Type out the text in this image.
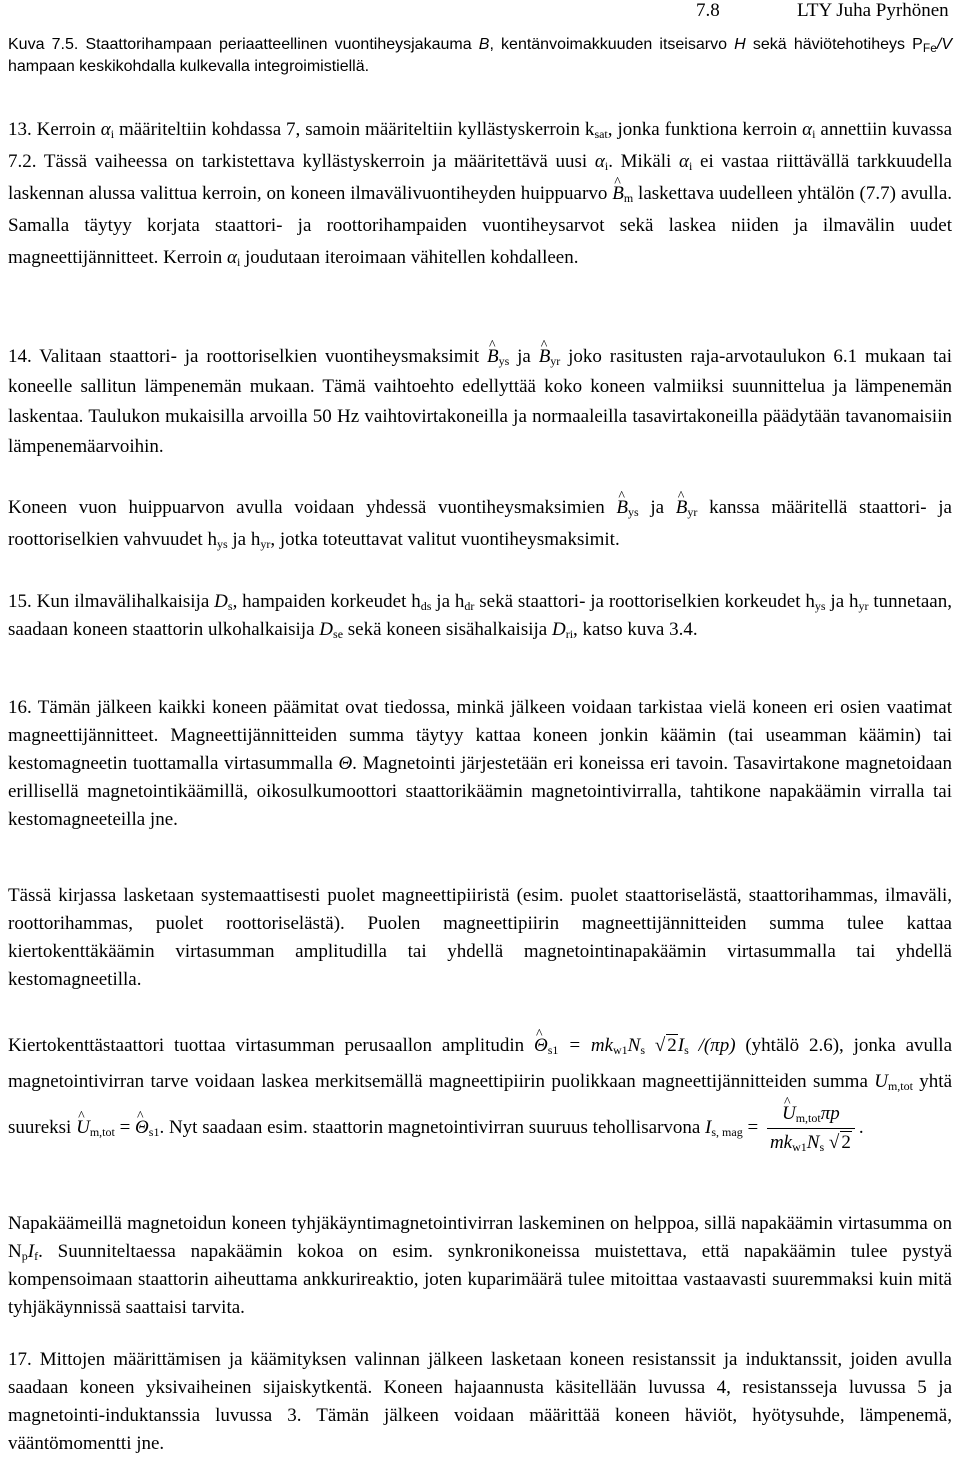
7.8	LTY Juha Pyrhönen

Kuva 7.5. Staattorihampaan periaatteellinen vuontiheysjakauma B, kentänvoimakkuuden itseisarvo H sekä häviötehotiheys $P_{Fe}/V$ hampaan keskikohdalla kulkevalla integroimistiellä.

13. Kerroin $\alpha_i$ määriteltiin kohdassa 7, samoin määriteltiin kyllästyskerroin $k_{sat}$, jonka funktiona kerroin $\alpha_i$ annettiin kuvassa 7.2. Tässä vaiheessa on tarkistettava kyllästyskerroin ja määritettävä uusi $\alpha_i$. Mikäli $\alpha_i$ ei vastaa riittävällä tarkkuudella laskennan alussa valittua kerroin, on koneen ilmavälivuontiheyden huippuarvo ^ $B_m$ laskettava uudelleen yhtälön (7.7) avulla. Samalla täytyy korjata staattori- ja roottorihampaiden vuontiheysarvot sekä laskea niiden ja ilmavälin uudet magneettijännitteet. Kerroin $\alpha_i$ joudutaan iteroimaan vähitellen kohdalleen.

14. Valitaan staattori- ja roottoriselkien vuontiheysmaksimit ^ $B_{ys}$ ja ^ $B_{yr}$ joko rasitusten raja-arvotaulukon 6.1 mukaan tai koneelle sallitun lämpenemän mukaan. Tämä vaihtoehto edellyttää koko koneen valmiiksi suunnittelua ja lämpenemän laskentaa. Taulukon mukaisilla arvoilla 50 Hz vaihtovirtakoneilla ja normaaleilla tasavirtakoneilla päädytään tavanomaisiin lämpenemäarvoihin.

Koneen vuon huippuarvon avulla voidaan yhdessä vuontiheysmaksimien ^ $B_{ys}$ ja ^ $B_{yr}$ kanssa määritellä staattori- ja roottoriselkien vahvuudet $h_{ys}$ ja $h_{yr}$, jotka toteuttavat valitut vuontiheysmaksimit.

15. Kun ilmavälihalkaisija $D_s$, hampaiden korkeudet $h_{ds}$ ja $h_{dr}$ sekä staattori- ja roottoriselkien korkeudet $h_{ys}$ ja $h_{yr}$ tunnetaan, saadaan koneen staattorin ulkohalkaisija $D_{se}$ sekä koneen sisähalkaisija $D_{ri}$, katso kuva 3.4.

16. Tämän jälkeen kaikki koneen päämitat ovat tiedossa, minkä jälkeen voidaan tarkistaa vielä koneen eri osien vaatimat magneettijännitteet. Magneettijännitteiden summa täytyy kattaa koneen jonkin käämin (tai useamman käämin) tai kestomagneetin tuottamalla virtasummalla Θ. Magnetointi järjestetään eri koneissa eri tavoin. Tasavirtakone magnetoidaan erillisellä magnetointikäämillä, oikosulkumoottori staattorikäämin magnetointivirralla, tahtikone napakäämin virralla tai kestomagneeteilla jne.

Tässä kirjassa lasketaan systemaattisesti puolet magneettipiiristä (esim. puolet staattoriselästä, staattorihammas, ilmaväli, roottorihammas, puolet roottoriselästä). Puolen magneettipiirin magneettijännitteiden summa tulee kattaa kiertokenttäkäämin virtasumman amplitudilla tai yhdellä magnetointinapakäämin virtasummalla tai yhdellä kestomagneetilla.

Kiertokenttästaattori tuottaa virtasumman perusaallon amplitudin ^ $\Theta_{s1} = mk_{w1}N_s$ √ $2I_s$ /(πp) (yhtälö 2.6), jonka avulla magnetointivirran tarve voidaan laskea merkitsemällä magneettipiirin puolikkaan magneettijännitteiden summa $U_{m,tot}$ yhtä suureksi ^ $U_{m,tot}$ = ^ $\Theta_{s1}$. Nyt saadaan esim. staattorin magnetointivirran suuruus tehollisarvona $I_{s, mag}$ =
^ $\frac{U_{m,tot}\pi p}{mk_{w1}N_s √ 2}$ .

Napakäämeillä magnetoidun koneen tyhjäkäyntimagnetointivirran laskeminen on helppoa, sillä napakäämin virtasumma on $N_pI_f$. Suunniteltaessa napakäämin kokoa on esim. synkronikoneissa muistettava, että napakäämin tulee pystyä kompensoimaan staattorin aiheuttama ankkurireaktio, joten kuparimäärä tulee mitoittaa vastaavasti suuremmaksi kuin mitä tyhjäkäynnissä saattaisi tarvita.

17. Mittojen määrittämisen ja käämityksen valinnan jälkeen lasketaan koneen resistanssit ja induktanssit, joiden avulla saadaan koneen yksivaiheinen sijaiskytkentä. Koneen hajaannusta käsitellään luvussa 4, resistansseja luvussa 5 ja magnetointi-induktanssia luvussa 3. Tämän jälkeen voidaan määrittää koneen häviöt, hyötysuhde, lämpenemä, vääntömomentti jne.
